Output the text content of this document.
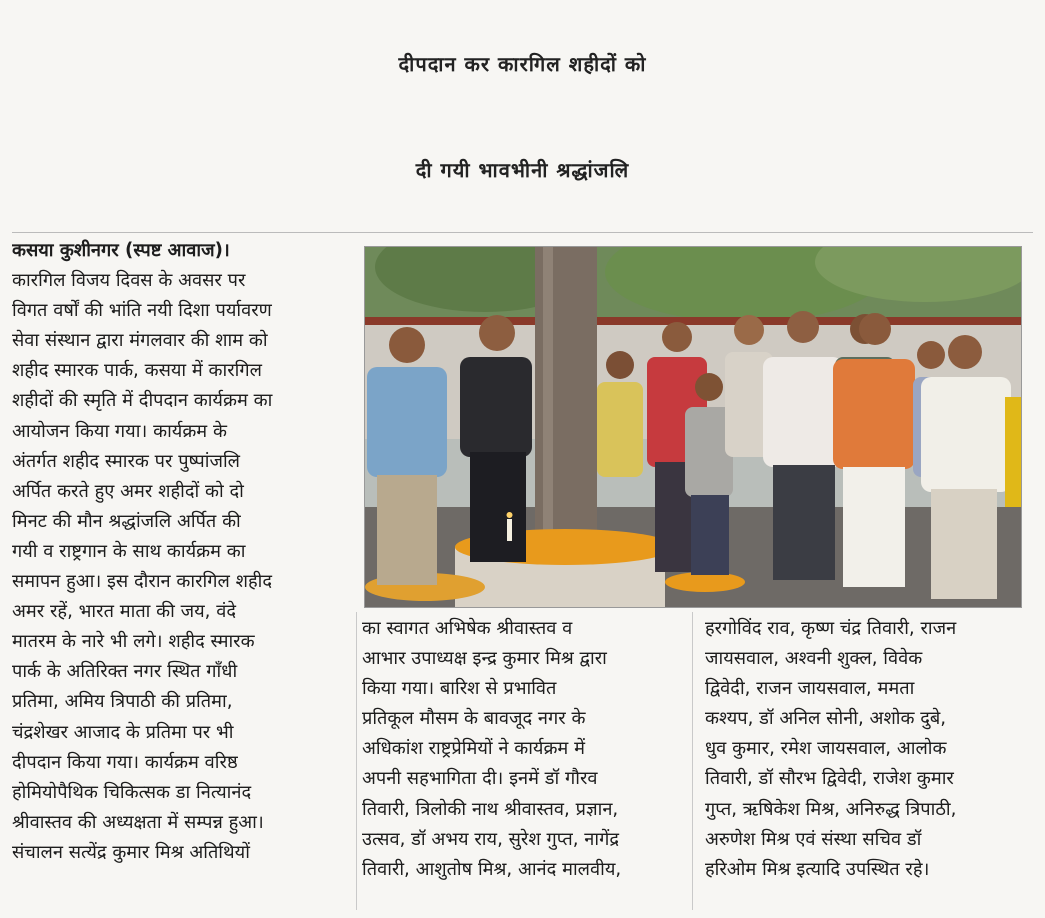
दीपदान कर कारगिल शहीदों को
दी गयी भावभीनी श्रद्धांजलि
कसया कुशीनगर (स्पष्ट आवाज)।
कारगिल विजय दिवस के अवसर पर
विगत वर्षों की भांति नयी दिशा पर्यावरण
सेवा संस्थान द्वारा मंगलवार की शाम को
शहीद स्मारक पार्क, कसया में कारगिल
शहीदों की स्मृति में दीपदान कार्यक्रम का
आयोजन किया गया। कार्यक्रम के
अंतर्गत शहीद स्मारक पर पुष्पांजलि
अर्पित करते हुए अमर शहीदों को दो
मिनट की मौन श्रद्धांजलि अर्पित की
गयी व राष्ट्रगान के साथ कार्यक्रम का
समापन हुआ। इस दौरान कारगिल शहीद
अमर रहें, भारत माता की जय, वंदे
मातरम के नारे भी लगे। शहीद स्मारक
पार्क के अतिरिक्त नगर स्थित गाँधी
प्रतिमा, अमिय त्रिपाठी की प्रतिमा,
चंद्रशेखर आजाद के प्रतिमा पर भी
दीपदान किया गया। कार्यक्रम वरिष्ठ
होमियोपैथिक चिकित्सक डा नित्यानंद
श्रीवास्तव की अध्यक्षता में सम्पन्न हुआ।
संचालन सत्येंद्र कुमार मिश्र अतिथियों
का स्वागत अभिषेक श्रीवास्तव व
आभार उपाध्यक्ष इन्द्र कुमार मिश्र द्वारा
किया गया। बारिश से प्रभावित
प्रतिकूल मौसम के बावजूद नगर के
अधिकांश राष्ट्रप्रेमियों ने कार्यक्रम में
अपनी सहभागिता दी। इनमें डॉ गौरव
तिवारी, त्रिलोकी नाथ श्रीवास्तव, प्रज्ञान,
उत्सव, डॉ अभय राय, सुरेश गुप्त, नागेंद्र
तिवारी, आशुतोष मिश्र, आनंद मालवीय,
हरगोविंद राव, कृष्ण चंद्र तिवारी, राजन
जायसवाल, अश्वनी शुक्ल, विवेक
द्विवेदी, राजन जायसवाल, ममता
कश्यप, डॉ अनिल सोनी, अशोक दुबे,
धुव कुमार, रमेश जायसवाल, आलोक
तिवारी, डॉ सौरभ द्विवेदी, राजेश कुमार
गुप्त, ऋषिकेश मिश्र, अनिरुद्ध त्रिपाठी,
अरुणेश मिश्र एवं संस्था सचिव डॉ
हरिओम मिश्र इत्यादि उपस्थित रहे।
